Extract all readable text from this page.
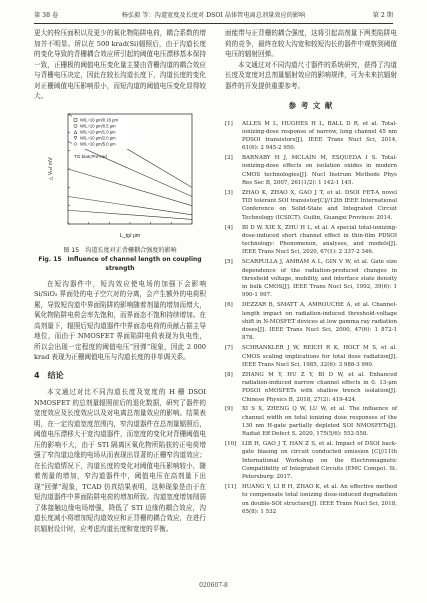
第 38 卷	杨弘毅 等：沟道宽度及长度对 DSOI 晶体管电离总剂量效应的影响	第 2 期

更大的栓压面积以及更少的氧化物陷阱电荷，耦合系数的增加并不明显。所以在 500 krad(Si)辐照后，由于沟道长度的变化导致的背栅耦合效应所引起的阈值电压漂移基本保持一致，正栅极的阈值电压变化量主要由背栅沟道的耦合效应与背栅电压决定，因此在较长沟道长度下，沟道长度的变化对正栅阈值电压影响很小，而短沟道的阈值电压变化显得较大。

W/L=10 μm/0.18 μm
W/L=10 μm/0.5 μm
W/L=10 μm/1.0 μm
W/L=10 μm/2.0 μm
W/L=10 μm/5.0 μm
TG bias,Pre-rad
L_tg/ μm
△ Vₜₕ/ mV
图 15　沟道长度对正背栅耦合强度的影响
Fig. 15　Influence of channel length on coupling strength

在短沟器件中，短沟效应使电场的加强下会影响 Si/SiO₂ 界面处的电子空穴对的分离，会产生额外的电荷积累，导致短沟道中界面陷阱的影响随着剂量的增加而增大，氧化物陷阱电荷会率先饱和，而界面态不饱和持续增加。在高剂量下，辐照后短沟道器件中界面态电荷的贡献占据主导地位，而由于 NMOSFET 界面陷阱电荷表现为负电性，所以会出现一定程度的阈值电压“回弹”现象，因此 2 000 krad 表现为正栅阈值电压与沟道长度的非单调关系。

4　结论

本文通过对比不同沟道长度及宽度的 H 栅 DSOI NMOSFET 的总剂量辐照前后的退化数据，研究了器件的宽度效应及长度效应以及对电离总剂量效应的影响。结果表明，在一定沟道宽度范围内，窄沟道器件在总剂量辐照后，阈值电压漂移大于宽沟道器件，而宽度的变化对背栅阈值电压的影响不大，由于 STI 隔离区氧化物所陷获的正电荷增强了窄沟道边缘的电场从而表现出显著的正栅窄沟道效应；在长沟道情况下，沟道长度的变化对阈值电压影响较小，随着剂量的增加，窄沟道器件中，阈值电压在高剂量下出现“回弹”现象，TCAD 仿真结果表明，这种现象是由于在短沟道器件中界面陷阱电荷的增加所致。沟道宽度增加削弱了体接触边缘电场增强，降低了 STI 边缘的耦合效应，沟道长度减小将增加短沟道效应和正背栅的耦合效应，在进行抗辐射设计时，应考虑沟道长度和宽度的平衡。

面能带与正背栅的耦合强度，这将引起高剂量下两类陷阱电荷的竞争，最终在较大沟宽和较短沟长的器件中观察到阈值电压的辐射回弹。

本文通过对不同沟道尺寸器件的系统研究，获得了沟道长度及宽度对总剂量辐射效应的影响规律，可为未来抗辐射器件的开发提供重要参考。

参 考 文 献
[1]	ALLES M L, HUGHES H L, BALL D R, et al. Total-ionizing-dose response of narrow, long channel 45 nm PDSOI transistors[J]. IEEE Trans Nucl Sci, 2014, 61(6): 2 945-2 950.
[2]	BARNABY H J, MCLAIN M, ESQUEDA I S. Total-ionizing-dose effects on isolation oxides in modern CMOS technologies[J]. Nucl Instrum Methods Phys Res Sec B, 2007, 261(1/2): 1 142-1 145.
[3]	ZHAO K, ZHAO X, GAO J T, et al. DSOI FET-A novel TID tolerant SOI transistor[C]//12th IEEE International Conference on Solid-State and Integrated Circuit Technology (ICSICT). Guilin, Guangxi Province: 2014.
[4]	BI D W, XIE X, ZHU H L, et al. A special total-ionizing-dose-induced short channel effect in thin-film PDSOI technology: Phenomenon, analyses, and models[J]. IEEE Trans Nucl Sci, 2020, 67(1): 2 337-2 346.
[5]	SCARPULLA J, AMRAM A L, GIN V W, et al. Gate size dependence of the radiation-produced changes in threshold voltage, mobility, and interface state density in bulk CMOS[J]. IEEE Trans Nucl Sci, 1992, 39(6): 1 990-1 997.
[6]	DEZZAR B, SMATT A, AMROUCHE A, et al. Channel-length impact on radiation-induced threshold-voltage shift in N-MOSFET devices at low gamma ray radiation doses[J]. IEEE Trans Nucl Sci, 2000, 47(6): 1 872-1 878.
[7]	SCHRANKLER J W, REICH R K, HOLT M S, et al. CMOS scaling implications for total dose radiation[J]. IEEE Trans Nucl Sci, 1985, 32(6): 3 988-3 990.
[8]	ZHANG M Y, HU Z Y, BI D W, et al. Enhanced radiation-induced narrow channel effects in 0. 13-μm PDSOI nMOSFETs with shallow trench isolation[J]. Chinese Physics B, 2018, 27(2): 419-424.
[9]	XI S X, ZHENG Q W, LU W, et al. The influence of channel width on total ionizing dose responses of the 130 nm H-gate partially depleted SOI NMOSFETs[J]. Radiat Eff Defect S, 2020, 175(5/6): 552-558.
[10]	LIB H, GAO J T, HAN Z S, et al. Impact of DSOI back-gate biasing on circuit conducted emission [C]//11th International Workshop on the Electromagnetic Compatibility of Integrated Circuits (EMC Compo). St. Petersburg: 2017.
[11]	HUANG Y, LI B H, ZHAO K, et al. An effective method to compensate total ionizing dose-induced degradation on double-SOI structure[J]. IEEE Trans Nucl Sci, 2018, 65(8): 1 532
020607-8
